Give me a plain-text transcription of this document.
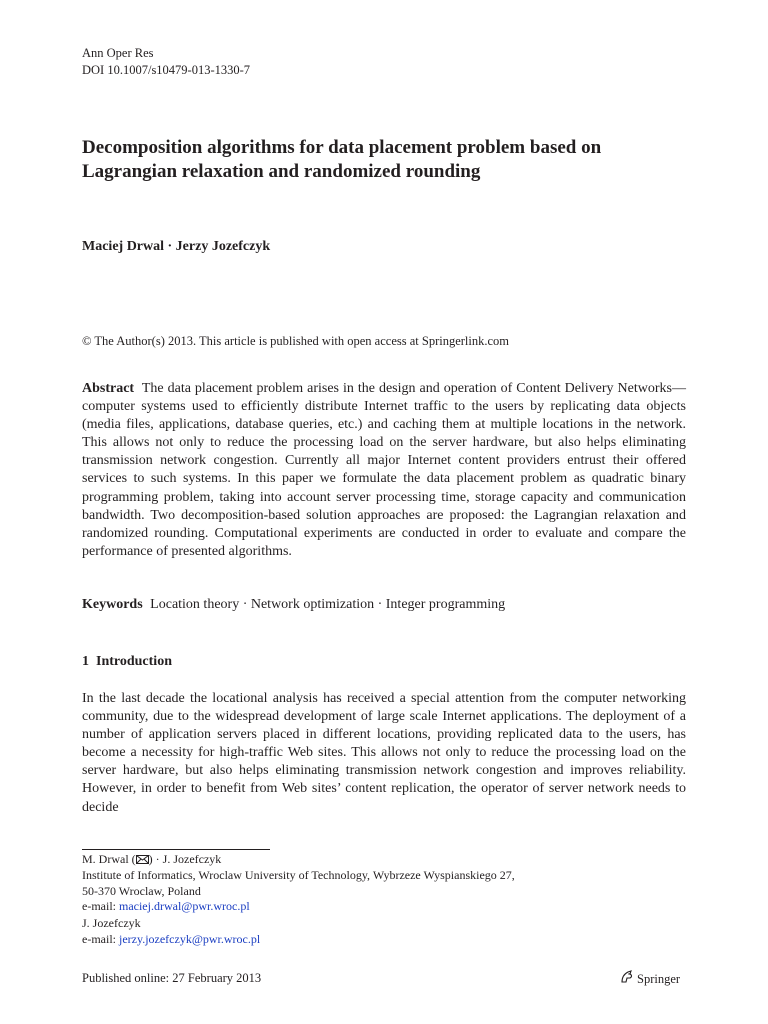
Ann Oper Res
DOI 10.1007/s10479-013-1330-7
Decomposition algorithms for data placement problem based on Lagrangian relaxation and randomized rounding
Maciej Drwal · Jerzy Jozefczyk
© The Author(s) 2013. This article is published with open access at Springerlink.com
Abstract The data placement problem arises in the design and operation of Content Delivery Networks—computer systems used to efficiently distribute Internet traffic to the users by replicating data objects (media files, applications, database queries, etc.) and caching them at multiple locations in the network. This allows not only to reduce the processing load on the server hardware, but also helps eliminating transmission network congestion. Currently all major Internet content providers entrust their offered services to such systems. In this paper we formulate the data placement problem as quadratic binary programming problem, taking into account server processing time, storage capacity and communication bandwidth. Two decomposition-based solution approaches are proposed: the Lagrangian relaxation and randomized rounding. Computational experiments are conducted in order to evaluate and compare the performance of presented algorithms.
Keywords Location theory · Network optimization · Integer programming
1 Introduction
In the last decade the locational analysis has received a special attention from the computer networking community, due to the widespread development of large scale Internet applications. The deployment of a number of application servers placed in different locations, providing replicated data to the users, has become a necessity for high-traffic Web sites. This allows not only to reduce the processing load on the server hardware, but also helps eliminating transmission network congestion and improves reliability. However, in order to benefit from Web sites’ content replication, the operator of server network needs to decide
M. Drwal ( ) · J. Jozefczyk
Institute of Informatics, Wroclaw University of Technology, Wybrzeze Wyspianskiego 27,
50-370 Wroclaw, Poland
e-mail: maciej.drwal@pwr.wroc.pl
J. Jozefczyk
e-mail: jerzy.jozefczyk@pwr.wroc.pl
Published online: 27 February 2013	Springer
